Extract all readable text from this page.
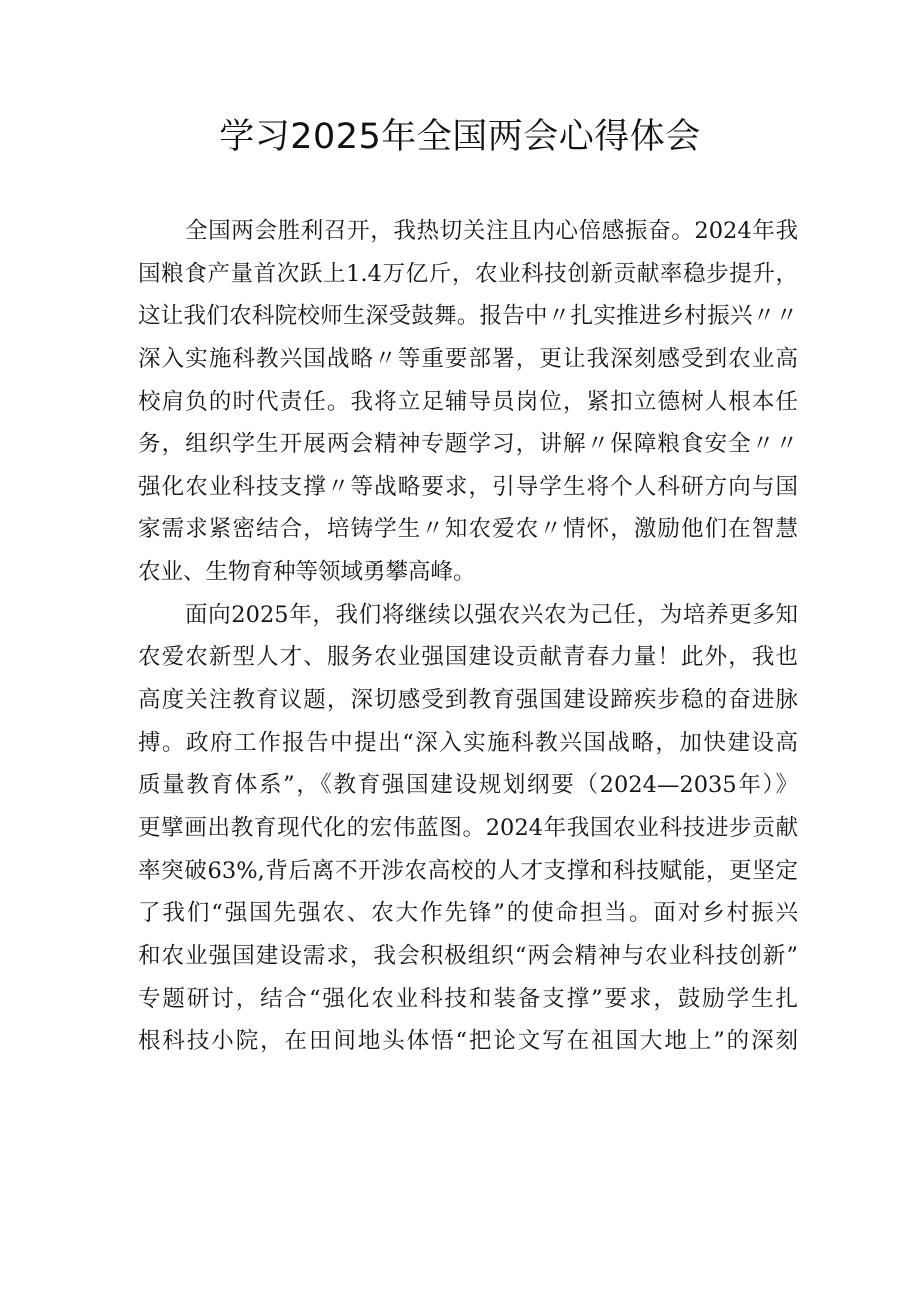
学习2025年全国两会心得体会
全国两会胜利召开，我热切关注且内心倍感振奋。2024年我
国粮食产量首次跃上1.4万亿斤，农业科技创新贡献率稳步提升，
这让我们农科院校师生深受鼓舞。报告中〃扎实推进乡村振兴〃〃
深入实施科教兴国战略〃等重要部署，更让我深刻感受到农业高
校肩负的时代责任。我将立足辅导员岗位，紧扣立德树人根本任
务，组织学生开展两会精神专题学习，讲解〃保障粮食安全〃〃
强化农业科技支撑〃等战略要求，引导学生将个人科研方向与国
家需求紧密结合，培铸学生〃知农爱农〃情怀，激励他们在智慧
农业、生物育种等领域勇攀高峰。
面向2025年，我们将继续以强农兴农为己任，为培养更多知
农爱农新型人才、服务农业强国建设贡献青春力量！此外，我也
高度关注教育议题，深切感受到教育强国建设蹄疾步稳的奋进脉
搏。政府工作报告中提出“深入实施科教兴国战略，加快建设高
质量教育体系”，《教育强国建设规划纲要（2024—2035年）》
更擘画出教育现代化的宏伟蓝图。2024年我国农业科技进步贡献
率突破63%,背后离不开涉农高校的人才支撑和科技赋能，更坚定
了我们“强国先强农、农大作先锋”的使命担当。面对乡村振兴
和农业强国建设需求，我会积极组织“两会精神与农业科技创新”
专题研讨，结合“强化农业科技和装备支撑”要求，鼓励学生扎
根科技小院，在田间地头体悟“把论文写在祖国大地上”的深刻
